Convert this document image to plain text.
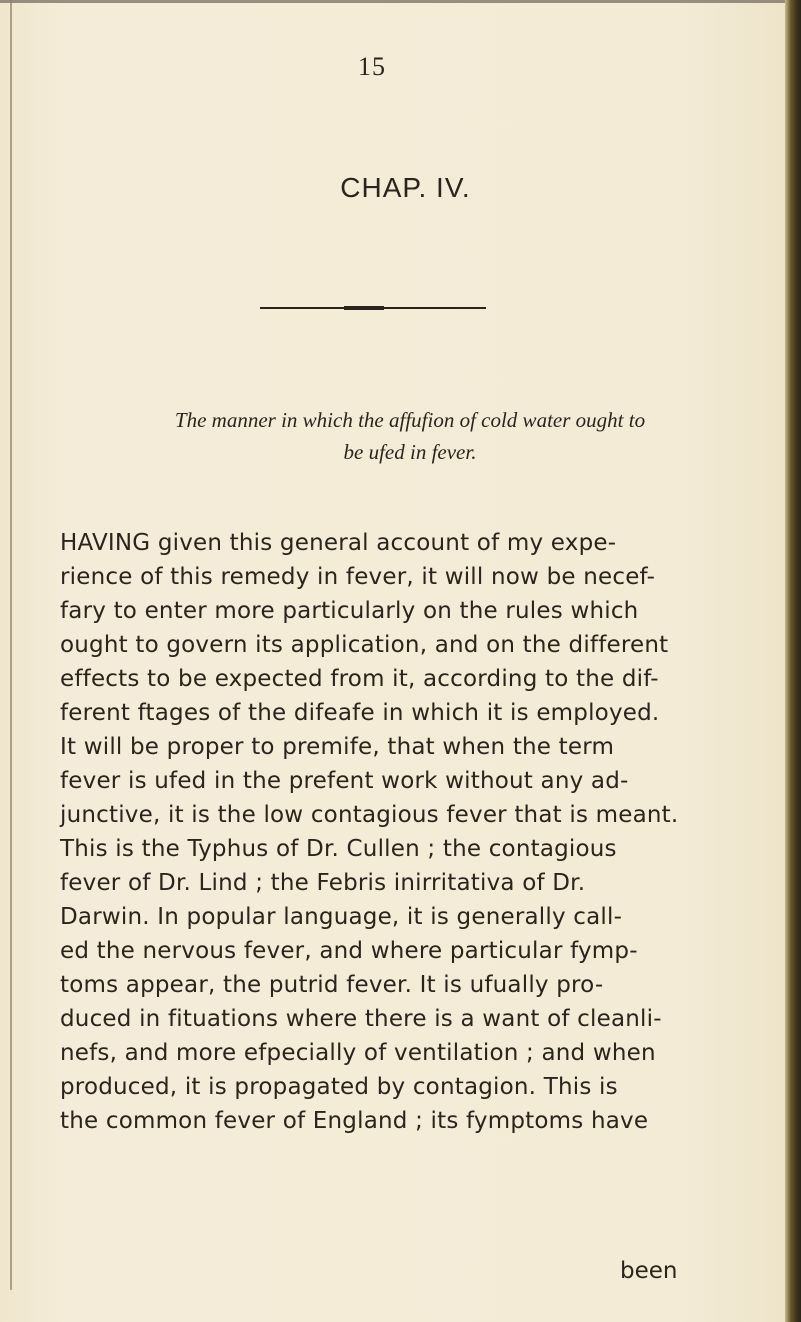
15
CHAP. IV.
The manner in which the affufion of cold water ought to
be ufed in fever.
HAVING given this general account of my expe-
rience of this remedy in fever, it will now be necef-
fary to enter more particularly on the rules which
ought to govern its application, and on the different
effects to be expected from it, according to the dif-
ferent ftages of the difeafe in which it is employed.
It will be proper to premife, that when the term
fever is ufed in the prefent work without any ad-
junctive, it is the low contagious fever that is meant.
This is the Typhus of Dr. Cullen ; the contagious
fever of Dr. Lind ; the Febris inirritativa of Dr.
Darwin. In popular language, it is generally call-
ed the nervous fever, and where particular fymp-
toms appear, the putrid fever. It is ufually pro-
duced in fituations where there is a want of cleanli-
nefs, and more efpecially of ventilation ; and when
produced, it is propagated by contagion. This is
the common fever of England ; its fymptoms have
been
